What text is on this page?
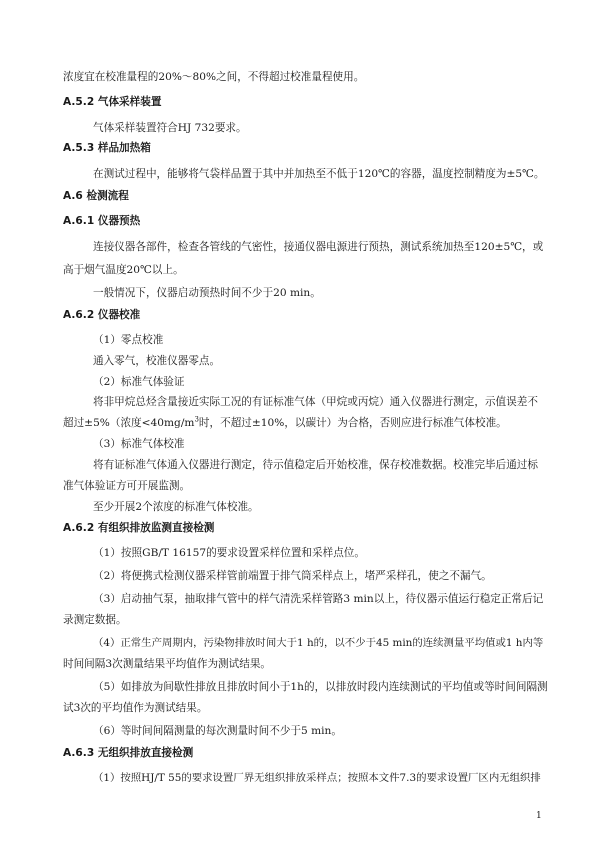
浓度宜在校准量程的20%～80%之间，不得超过校准量程使用。
A.5.2 气体采样装置
气体采样装置符合HJ 732要求。
A.5.3 样品加热箱
在测试过程中，能够将气袋样品置于其中并加热至不低于120℃的容器，温度控制精度为±5℃。
A.6 检测流程
A.6.1 仪器预热
连接仪器各部件，检查各管线的气密性，接通仪器电源进行预热，测试系统加热至120±5℃，或
高于烟气温度20℃以上。
一般情况下，仪器启动预热时间不少于20 min。
A.6.2 仪器校准
（1）零点校准
通入零气，校准仪器零点。
（2）标准气体验证
将非甲烷总烃含量接近实际工况的有证标准气体（甲烷或丙烷）通入仪器进行测定，示值误差不
超过±5%（浓度$<40mg/m^3$时，不超过±10%，以碳计）为合格，否则应进行标准气体校准。
（3）标准气体校准
将有证标准气体通入仪器进行测定，待示值稳定后开始校准，保存校准数据。校准完毕后通过标
准气体验证方可开展监测。
至少开展2个浓度的标准气体校准。
A.6.2 有组织排放监测直接检测
（1）按照GB/T 16157的要求设置采样位置和采样点位。
（2）将便携式检测仪器采样管前端置于排气筒采样点上，堵严采样孔，使之不漏气。
（3）启动抽气泵，抽取排气管中的样气清洗采样管路3 min以上，待仪器示值运行稳定正常后记
录测定数据。
（4）正常生产周期内，污染物排放时间大于1 h的，以不少于45 min的连续测量平均值或1 h内等
时间间隔3次测量结果平均值作为测试结果。
（5）如排放为间歇性排放且排放时间小于1h的，以排放时段内连续测试的平均值或等时间间隔测
试3次的平均值作为测试结果。
（6）等时间间隔测量的每次测量时间不少于5 min。
A.6.3 无组织排放直接检测
（1）按照HJ/T 55的要求设置厂界无组织排放采样点；按照本文件7.3的要求设置厂区内无组织排
1
